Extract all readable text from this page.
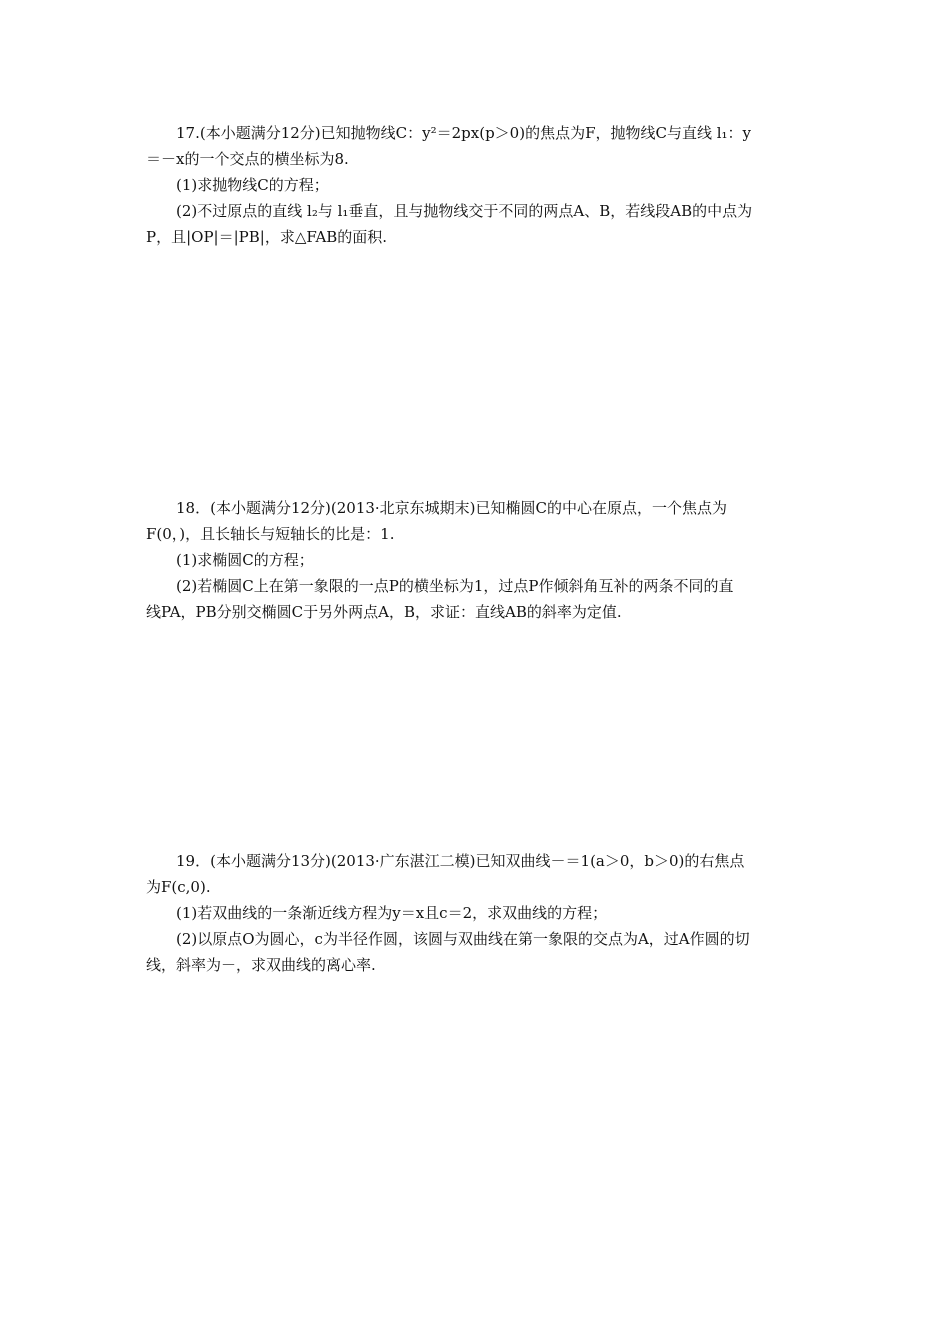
17.(本小题满分12分)已知抛物线C：y²＝2px(p＞0)的焦点为F，抛物线C与直线 l₁：y
＝－x的一个交点的横坐标为8.
(1)求抛物线C的方程；
(2)不过原点的直线 l₂与 l₁垂直，且与抛物线交于不同的两点A、B，若线段AB的中点为
P，且|OP|＝|PB|，求△FAB的面积.
18．(本小题满分12分)(2013·北京东城期末)已知椭圆C的中心在原点，一个焦点为
F(0，)，且长轴长与短轴长的比是：1.
(1)求椭圆C的方程；
(2)若椭圆C上在第一象限的一点P的横坐标为1，过点P作倾斜角互补的两条不同的直
线PA，PB分别交椭圆C于另外两点A，B，求证：直线AB的斜率为定值.
19．(本小题满分13分)(2013·广东湛江二模)已知双曲线－＝1(a＞0，b＞0)的右焦点
为F(c,0).
(1)若双曲线的一条渐近线方程为y＝x且c＝2，求双曲线的方程；
(2)以原点O为圆心，c为半径作圆，该圆与双曲线在第一象限的交点为A，过A作圆的切
线，斜率为－，求双曲线的离心率.
